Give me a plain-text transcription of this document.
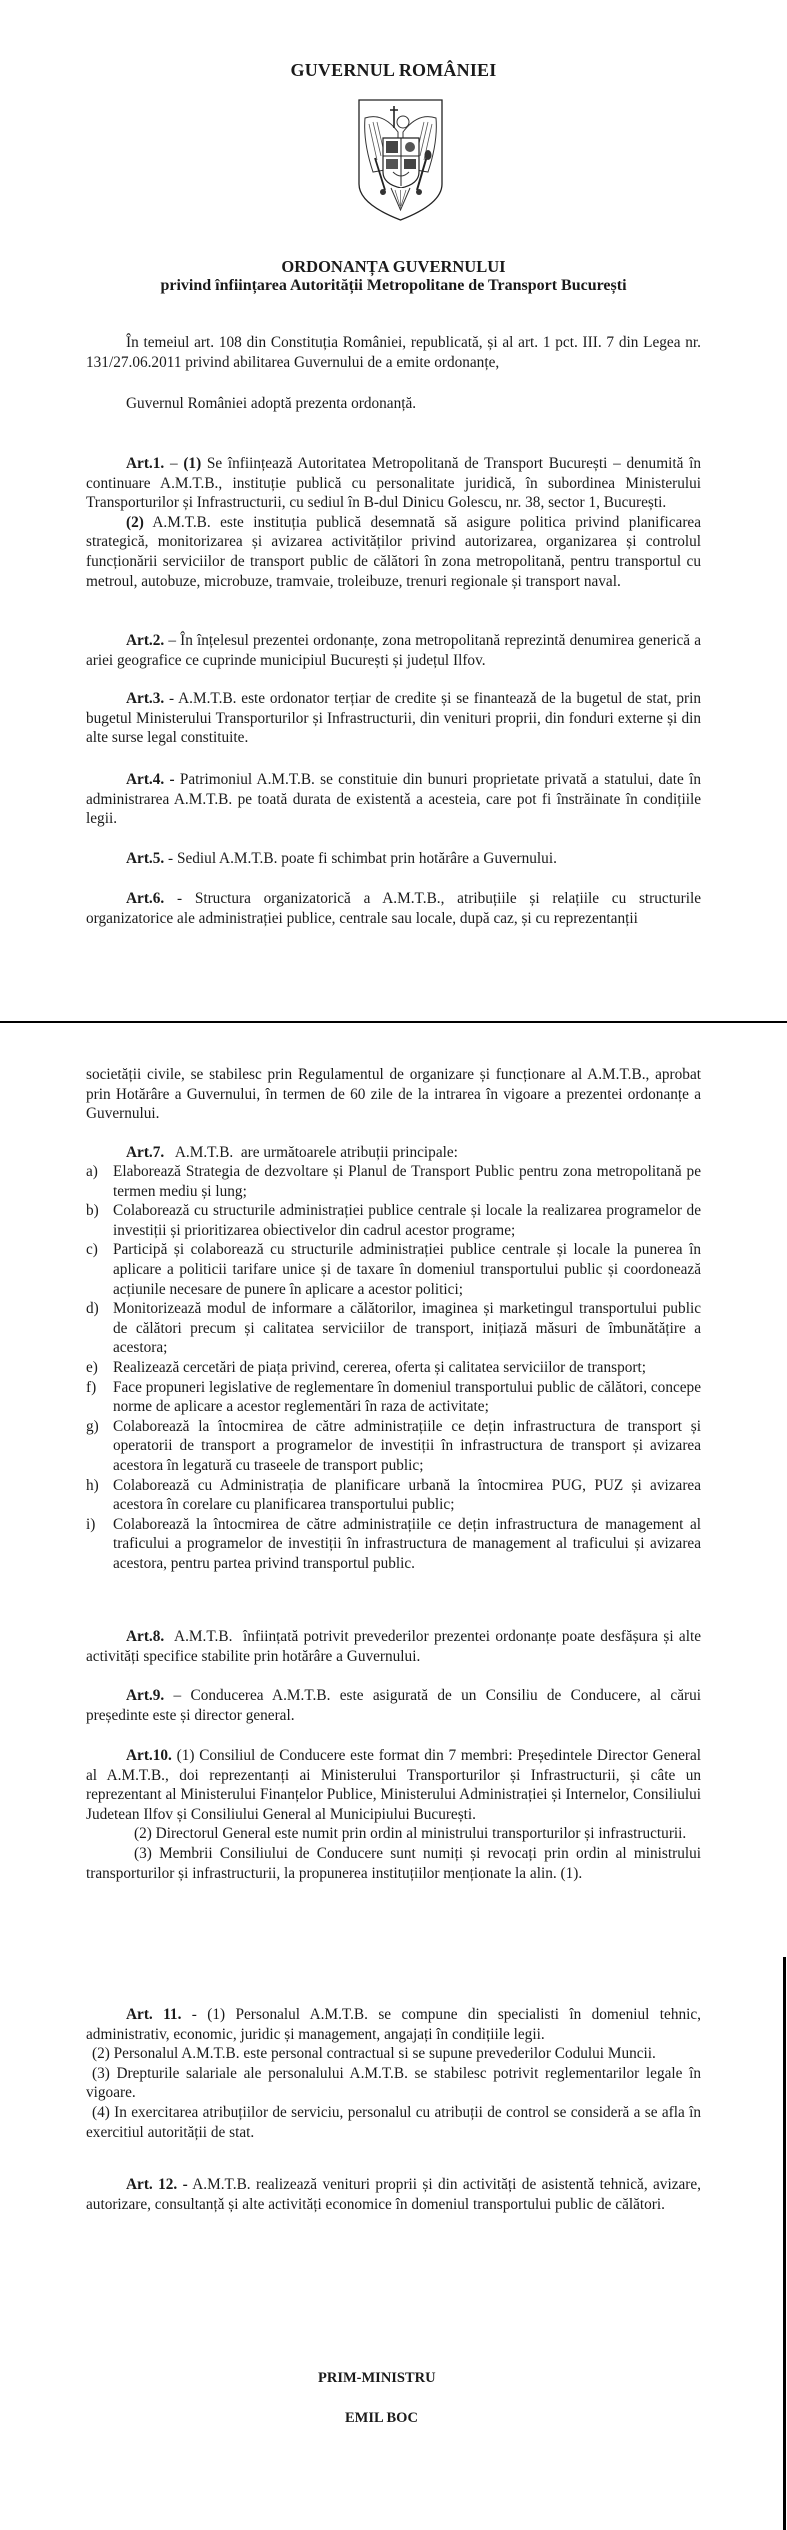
GUVERNUL ROMÂNIEI
ORDONANȚA GUVERNULUI
privind înființarea Autorității Metropolitane de Transport București

În temeiul art. 108 din Constituția României, republicată, și al art. 1 pct. III. 7 din Legea nr. 131/27.06.2011 privind abilitarea Guvernului de a emite ordonanțe,

Guvernul României adoptă prezenta ordonanță.

Art.1. – (1) Se înființează Autoritatea Metropolitană de Transport București – denumită în continuare A.M.T.B., instituție publică cu personalitate juridică, în subordinea Ministerului Transporturilor și Infrastructurii, cu sediul în B-dul Dinicu Golescu, nr. 38, sector 1, București.
(2) A.M.T.B. este instituția publică desemnată să asigure politica privind planificarea strategică, monitorizarea și avizarea activităților privind autorizarea, organizarea și controlul funcționării serviciilor de transport public de călători în zona metropolitană, pentru transportul cu metroul, autobuze, microbuze, tramvaie, troleibuze, trenuri regionale și transport naval.

Art.2. – În înțelesul prezentei ordonanțe, zona metropolitană reprezintă denumirea generică a ariei geografice ce cuprinde municipiul București și județul Ilfov.

Art.3. - A.M.T.B. este ordonator terțiar de credite și se finanteazǎ de la bugetul de stat, prin bugetul Ministerului Transporturilor și Infrastructurii, din venituri proprii, din fonduri externe și din alte surse legal constituite.

Art.4. - Patrimoniul A.M.T.B. se constituie din bunuri proprietate privată a statului, date în administrarea A.M.T.B. pe toată durata de existentǎ a acesteia, care pot fi înstrăinate în condițiile legii.

Art.5. - Sediul A.M.T.B. poate fi schimbat prin hotărâre a Guvernului.

Art.6. - Structura organizatorică a A.M.T.B., atribuțiile și relațiile cu structurile organizatorice ale administrației publice, centrale sau locale, după caz, și cu reprezentanții

societății civile, se stabilesc prin Regulamentul de organizare și funcționare al A.M.T.B., aprobat prin Hotărâre a Guvernului, în termen de 60 zile de la intrarea în vigoare a prezentei ordonanțe a Guvernului.

Art.7.   A.M.T.B.  are următoarele atribuții principale:

a) Elaborează Strategia de dezvoltare și Planul de Transport Public pentru zona metropolitană pe termen mediu și lung;
b) Colaborează cu structurile administrației publice centrale și locale la realizarea programelor de investiții și prioritizarea obiectivelor din cadrul acestor programe;
c) Participă și colaborează cu structurile administrației publice centrale și locale la punerea în aplicare a politicii tarifare unice și de taxare în domeniul transportului public și coordonează acțiunile necesare de punere în aplicare a acestor politici;
d) Monitorizează modul de informare a călătorilor, imaginea și marketingul transportului public de călători precum și calitatea serviciilor de transport, inițiază măsuri de îmbunătățire a acestora;
e) Realizează cercetări de piața privind, cererea, oferta și calitatea serviciilor de transport;
f) Face propuneri legislative de reglementare în domeniul transportului public de călători, concepe norme de aplicare a acestor reglementări în raza de activitate;
g) Colaborează la întocmirea de către administrațiile ce dețin infrastructura de transport și operatorii de transport a programelor de investiții în infrastructura de transport și avizarea acestora în legatură cu traseele de transport public;
h) Colaborează cu Administrația de planificare urbană la întocmirea PUG, PUZ și avizarea acestora în corelare cu planificarea transportului public;
i) Colaborează la întocmirea de către administrațiile ce dețin infrastructura de management al traficului a programelor de investiții în infrastructura de management al traficului și avizarea acestora, pentru partea privind transportul public.

Art.8.  A.M.T.B.  înființată potrivit prevederilor prezentei ordonanțe poate desfășura și alte activități specifice stabilite prin hotărâre a Guvernului.

Art.9. – Conducerea A.M.T.B. este asigurată de un Consiliu de Conducere, al cărui președinte este și director general.

Art.10. (1) Consiliul de Conducere este format din 7 membri: Președintele Director General al A.M.T.B., doi reprezentanți ai Ministerului Transporturilor și Infrastructurii, și câte un reprezentant al Ministerului Finanțelor Publice, Ministerului Administrației și Internelor, Consiliului Judetean Ilfov și Consiliului General al Municipiului București.
(2) Directorul General este numit prin ordin al ministrului transporturilor și infrastructurii.
(3) Membrii Consiliului de Conducere sunt numiți și revocați prin ordin al ministrului transporturilor și infrastructurii, la propunerea instituțiilor menționate la alin. (1).
Art. 11. - (1) Personalul A.M.T.B. se compune din specialisti în domeniul tehnic, administrativ, economic, juridic și management, angajați în condițiile legii.
(2) Personalul A.M.T.B. este personal contractual si se supune prevederilor Codului Muncii.
(3) Drepturile salariale ale personalului A.M.T.B. se stabilesc potrivit reglementarilor legale în vigoare.
(4) In exercitarea atribuțiilor de serviciu, personalul cu atribuții de control se consideră a se afla în exercitiul autorității de stat.

Art. 12. - A.M.T.B. realizează venituri proprii și din activități de asistentǎ tehnicǎ, avizare, autorizare, consultanțǎ și alte activități economice în domeniul transportului public de călători.

PRIM-MINISTRU
EMIL BOC
